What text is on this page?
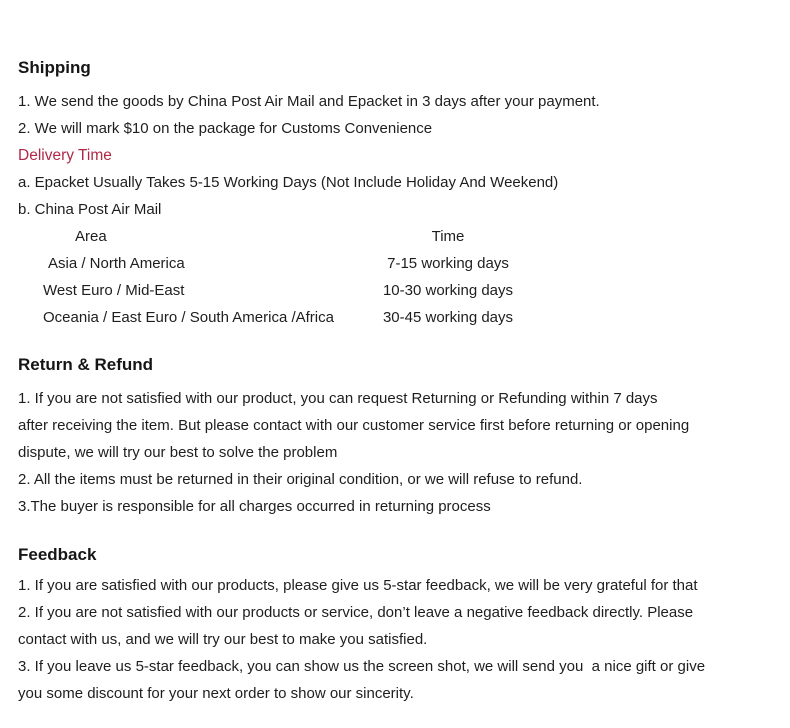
Shipping
1. We send the goods by China Post Air Mail and Epacket in 3 days after your payment.
2. We will mark $10 on the package for Customs Convenience
Delivery Time
a. Epacket Usually Takes 5-15 Working Days (Not Include Holiday And Weekend)
b. China Post Air Mail
Area	Time
Asia / North America	7-15 working days
West Euro / Mid-East	10-30 working days
Oceania / East Euro / South America /Africa	30-45 working days
Return & Refund
1. If you are not satisfied with our product, you can request Returning or Refunding within 7 days
after receiving the item. But please contact with our customer service first before returning or opening
dispute, we will try our best to solve the problem
2. All the items must be returned in their original condition, or we will refuse to refund.
3.The buyer is responsible for all charges occurred in returning process
Feedback
1. If you are satisfied with our products, please give us 5-star feedback, we will be very grateful for that
2. If you are not satisfied with our products or service, don’t leave a negative feedback directly. Please
contact with us, and we will try our best to make you satisfied.
3. If you leave us 5-star feedback, you can show us the screen shot, we will send you  a nice gift or give
you some discount for your next order to show our sincerity.
